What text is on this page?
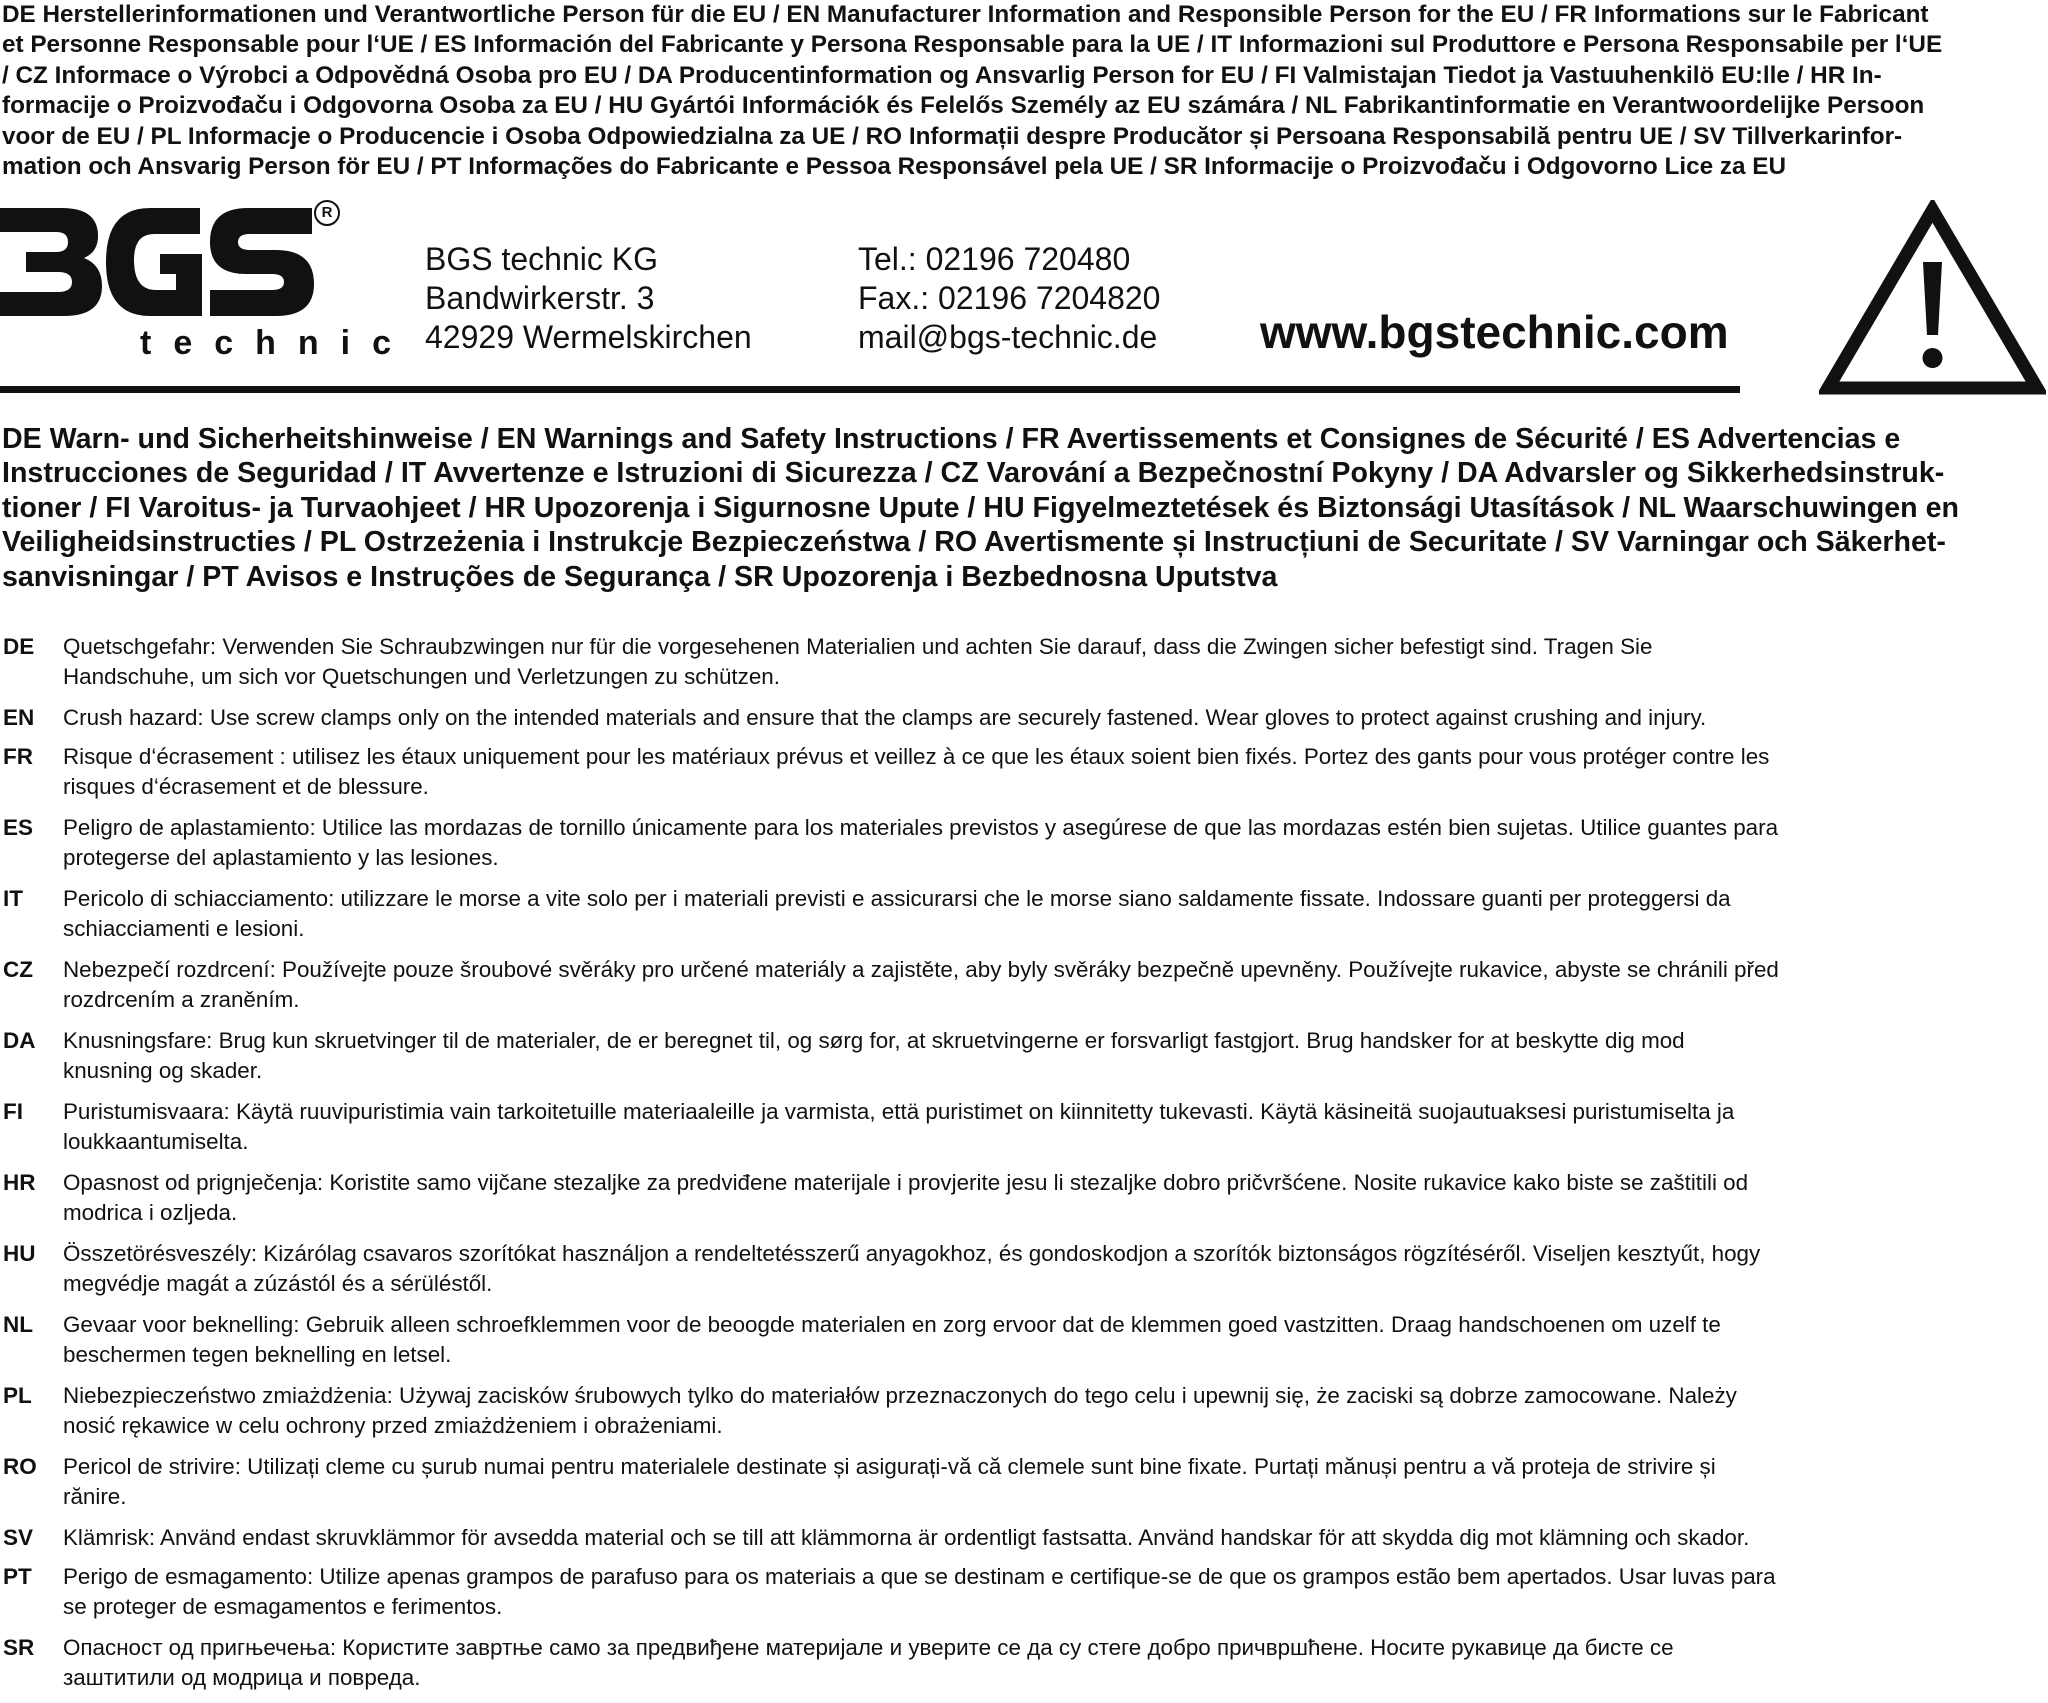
DE Herstellerinformationen und Verantwortliche Person für die EU / EN Manufacturer Information and Responsible Person for the EU / FR Informations sur le Fabricant
et Personne Responsable pour l‘UE / ES Información del Fabricante y Persona Responsable para la UE / IT Informazioni sul Produttore e Persona Responsabile per l‘UE
/ CZ Informace o Výrobci a Odpovědná Osoba pro EU / DA Producentinformation og Ansvarlig Person for EU / FI Valmistajan Tiedot ja Vastuuhenkilö EU:lle / HR In-
formacije o Proizvođaču i Odgovorna Osoba za EU / HU Gyártói Információk és Felelős Személy az EU számára / NL Fabrikantinformatie en Verantwoordelijke Persoon
voor de EU / PL Informacje o Producencie i Osoba Odpowiedzialna za UE / RO Informații despre Producător și Persoana Responsabilă pentru UE / SV Tillverkarinfor-
mation och Ansvarig Person för EU / PT Informações do Fabricante e Pessoa Responsável pela UE / SR Informacije o Proizvođaču i Odgovorno Lice za EU
technic
R
BGS technic KG
Bandwirkerstr. 3
42929 Wermelskirchen
Tel.: 02196 720480
Fax.: 02196 7204820
mail@bgs-technic.de www.bgstechnic.com
DE Warn- und Sicherheitshinweise / EN Warnings and Safety Instructions / FR Avertissements et Consignes de Sécurité / ES Advertencias e
Instrucciones de Seguridad / IT Avvertenze e Istruzioni di Sicurezza / CZ Varování a Bezpečnostní Pokyny / DA Advarsler og Sikkerhedsinstruk-
tioner / FI Varoitus- ja Turvaohjeet / HR Upozorenja i Sigurnosne Upute / HU Figyelmeztetések és Biztonsági Utasítások / NL Waarschuwingen en
Veiligheidsinstructies / PL Ostrzeżenia i Instrukcje Bezpieczeństwa / RO Avertismente și Instrucțiuni de Securitate / SV Varningar och Säkerhet-
sanvisningar / PT Avisos e Instruções de Segurança / SR Upozorenja i Bezbednosna Uputstva
DE Quetschgefahr: Verwenden Sie Schraubzwingen nur für die vorgesehenen Materialien und achten Sie darauf, dass die Zwingen sicher befestigt sind. Tragen Sie
Handschuhe, um sich vor Quetschungen und Verletzungen zu schützen.
EN Crush hazard: Use screw clamps only on the intended materials and ensure that the clamps are securely fastened. Wear gloves to protect against crushing and injury.
FR Risque d‘écrasement : utilisez les étaux uniquement pour les matériaux prévus et veillez à ce que les étaux soient bien fixés. Portez des gants pour vous protéger contre les
risques d‘écrasement et de blessure.
ES Peligro de aplastamiento: Utilice las mordazas de tornillo únicamente para los materiales previstos y asegúrese de que las mordazas estén bien sujetas. Utilice guantes para
protegerse del aplastamiento y las lesiones.
IT Pericolo di schiacciamento: utilizzare le morse a vite solo per i materiali previsti e assicurarsi che le morse siano saldamente fissate. Indossare guanti per proteggersi da
schiacciamenti e lesioni.
CZ Nebezpečí rozdrcení: Používejte pouze šroubové svěráky pro určené materiály a zajistěte, aby byly svěráky bezpečně upevněny. Používejte rukavice, abyste se chránili před
rozdrcením a zraněním.
DA Knusningsfare: Brug kun skruetvinger til de materialer, de er beregnet til, og sørg for, at skruetvingerne er forsvarligt fastgjort. Brug handsker for at beskytte dig mod
knusning og skader.
FI Puristumisvaara: Käytä ruuvipuristimia vain tarkoitetuille materiaaleille ja varmista, että puristimet on kiinnitetty tukevasti. Käytä käsineitä suojautuaksesi puristumiselta ja
loukkaantumiselta.
HR Opasnost od prignječenja: Koristite samo vijčane stezaljke za predviđene materijale i provjerite jesu li stezaljke dobro pričvršćene. Nosite rukavice kako biste se zaštitili od
modrica i ozljeda.
HU Összetörésveszély: Kizárólag csavaros szorítókat használjon a rendeltetésszerű anyagokhoz, és gondoskodjon a szorítók biztonságos rögzítéséről. Viseljen kesztyűt, hogy
megvédje magát a zúzástól és a sérüléstől.
NL Gevaar voor beknelling: Gebruik alleen schroefklemmen voor de beoogde materialen en zorg ervoor dat de klemmen goed vastzitten. Draag handschoenen om uzelf te
beschermen tegen beknelling en letsel.
PL Niebezpieczeństwo zmiażdżenia: Używaj zacisków śrubowych tylko do materiałów przeznaczonych do tego celu i upewnij się, że zaciski są dobrze zamocowane. Należy
nosić rękawice w celu ochrony przed zmiażdżeniem i obrażeniami.
RO Pericol de strivire: Utilizați cleme cu șurub numai pentru materialele destinate și asigurați-vă că clemele sunt bine fixate. Purtați mănuși pentru a vă proteja de strivire și
rănire.
SV Klämrisk: Använd endast skruvklämmor för avsedda material och se till att klämmorna är ordentligt fastsatta. Använd handskar för att skydda dig mot klämning och skador.
PT Perigo de esmagamento: Utilize apenas grampos de parafuso para os materiais a que se destinam e certifique-se de que os grampos estão bem apertados. Usar luvas para
se proteger de esmagamentos e ferimentos.
SR Опасност од пригњечења: Користите завртње само за предвиђене материјале и уверите се да су стеге добро причвршћене. Носите рукавице да бисте се
заштитили од модрица и повреда.
